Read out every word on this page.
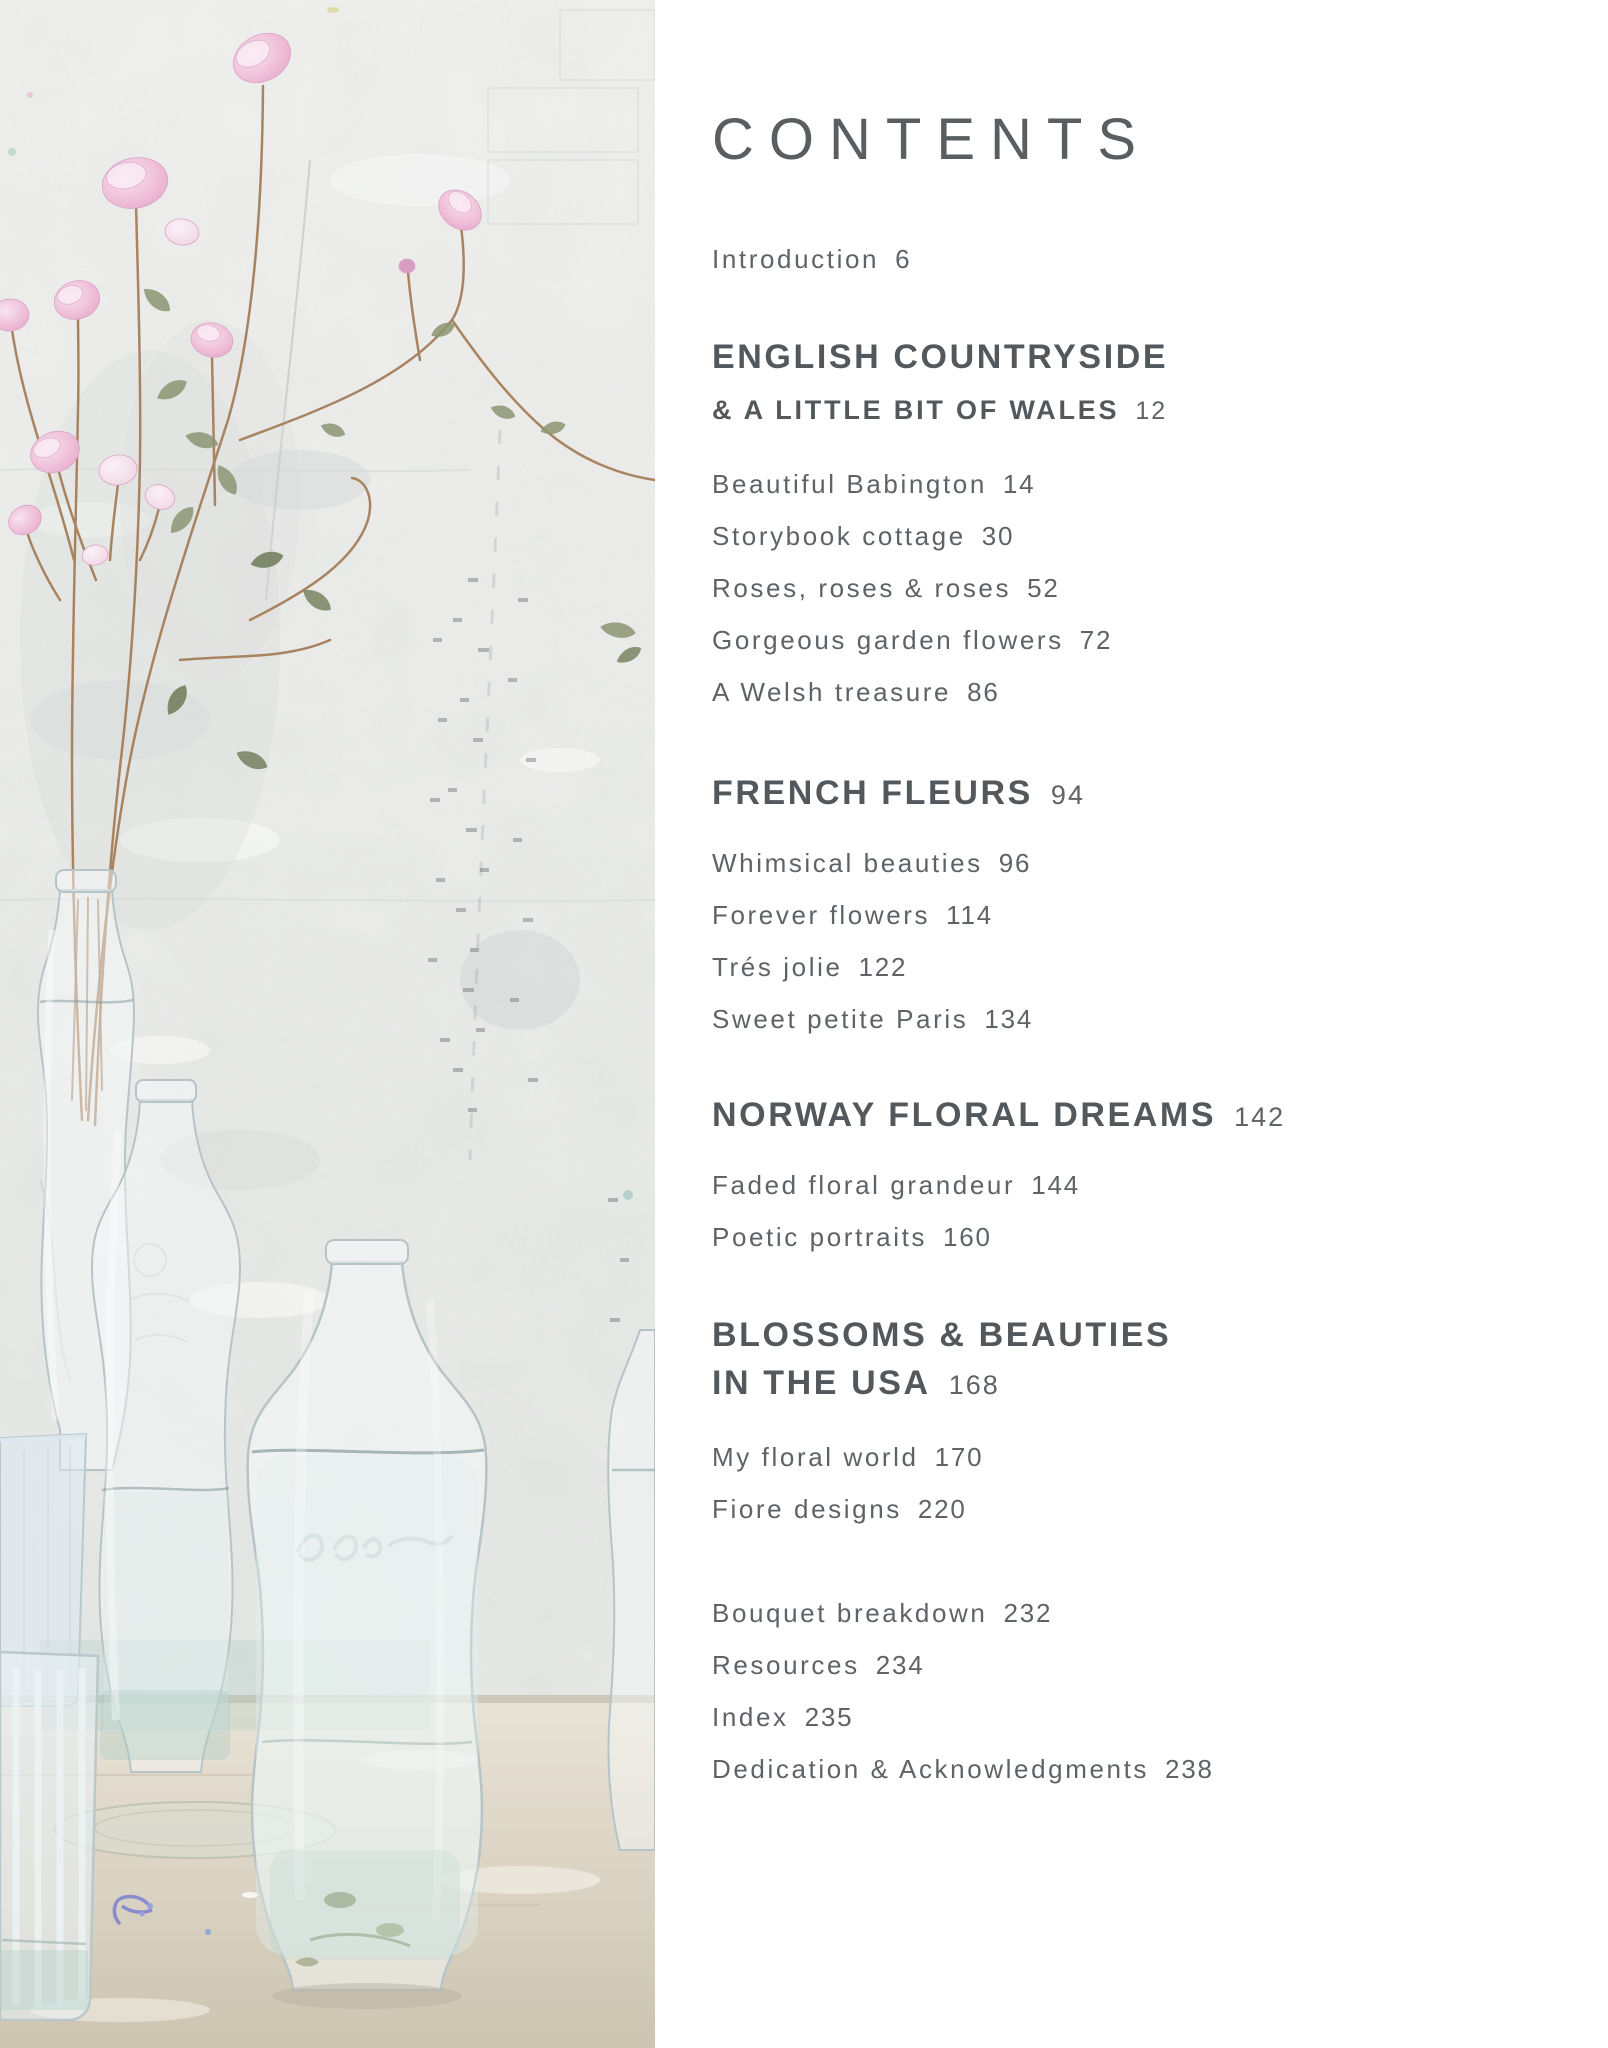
CONTENTS
Introduction 6
ENGLISH COUNTRYSIDE
& A LITTLE BIT OF WALES 12
Beautiful Babington 14
Storybook cottage 30
Roses, roses & roses 52
Gorgeous garden flowers 72
A Welsh treasure 86
FRENCH FLEURS 94
Whimsical beauties 96
Forever flowers 114
Trés jolie 122
Sweet petite Paris 134
NORWAY FLORAL DREAMS 142
Faded floral grandeur 144
Poetic portraits 160
BLOSSOMS & BEAUTIES
IN THE USA 168
My floral world 170
Fiore designs 220
Bouquet breakdown 232
Resources 234
Index 235
Dedication & Acknowledgments 238
